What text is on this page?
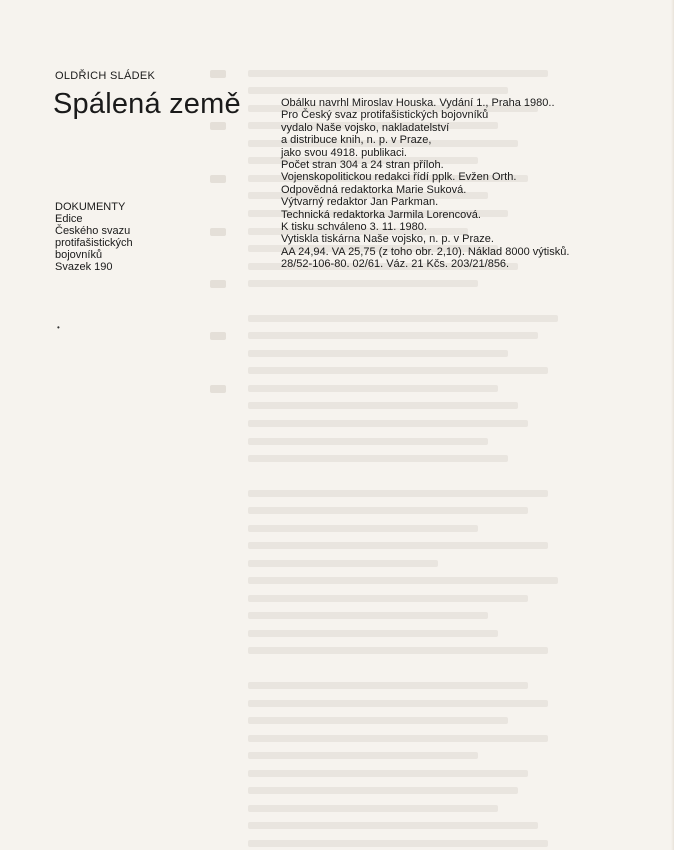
OLDŘICH SLÁDEK
Spálená země
DOKUMENTY
Edice
Českého svazu
protifašistických
bojovníků
Svazek 190
•
Obálku navrhl Miroslav Houska. Vydání 1., Praha 1980..
Pro Český svaz protifašistických bojovníků
vydalo Naše vojsko, nakladatelství
a distribuce knih, n. p. v Praze,
jako svou 4918. publikaci.
Počet stran 304 a 24 stran příloh.
Vojenskopolitickou redakci řídí pplk. Evžen Orth.
Odpovědná redaktorka Marie Suková.
Výtvarný redaktor Jan Parkman.
Technická redaktorka Jarmila Lorencová.
K tisku schváleno 3. 11. 1980.
Vytiskla tiskárna Naše vojsko, n. p. v Praze.
AA 24,94. VA 25,75 (z toho obr. 2,10). Náklad 8000 výtisků.
28/52-106-80. 02/61. Váz. 21 Kčs. 203/21/856.
